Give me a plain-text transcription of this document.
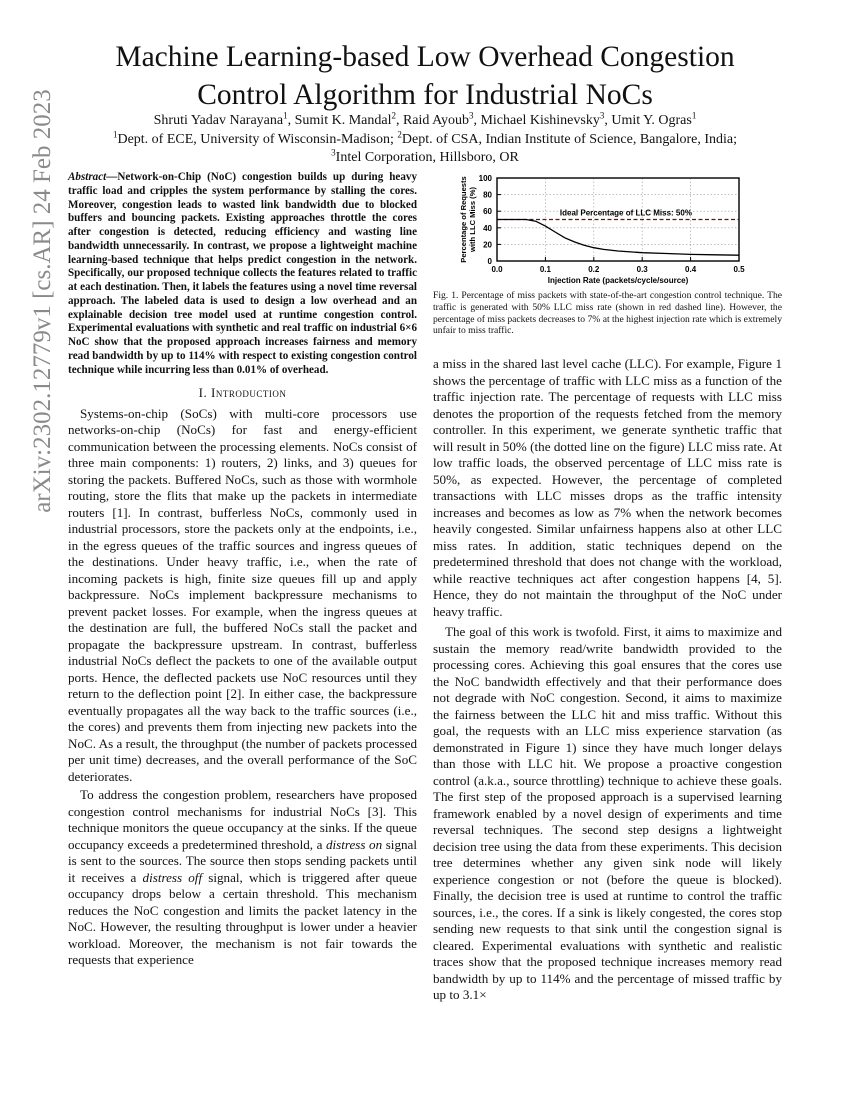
arXiv:2302.12779v1 [cs.AR] 24 Feb 2023
Machine Learning-based Low Overhead Congestion
Control Algorithm for Industrial NoCs
Shruti Yadav Narayana$^1$, Sumit K. Mandal$^2$, Raid Ayoub$^3$, Michael Kishinevsky$^3$, Umit Y. Ogras$^1$
$^1$Dept. of ECE, University of Wisconsin-Madison; $^2$Dept. of CSA, Indian Institute of Science, Bangalore, India;
$^3$Intel Corporation, Hillsboro, OR
Abstract—Network-on-Chip (NoC) congestion builds up during heavy traffic load and cripples the system performance by stalling the cores. Moreover, congestion leads to wasted link bandwidth due to blocked buffers and bouncing packets. Existing approaches throttle the cores after congestion is detected, reducing efficiency and wasting line bandwidth unnecessarily. In contrast, we propose a lightweight machine learning-based technique that helps predict congestion in the network. Specifically, our proposed technique collects the features related to traffic at each destination. Then, it labels the features using a novel time reversal approach. The labeled data is used to design a low overhead and an explainable decision tree model used at runtime congestion control. Experimental evaluations with synthetic and real traffic on industrial 6×6 NoC show that the proposed approach increases fairness and memory read bandwidth by up to 114% with respect to existing congestion control technique while incurring less than 0.01% of overhead.
I. Introduction

Systems-on-chip (SoCs) with multi-core processors use networks-on-chip (NoCs) for fast and energy-efficient communication between the processing elements. NoCs consist of three main components: 1) routers, 2) links, and 3) queues for storing the packets. Buffered NoCs, such as those with wormhole routing, store the flits that make up the packets in intermediate routers [1]. In contrast, bufferless NoCs, commonly used in industrial processors, store the packets only at the endpoints, i.e., in the egress queues of the traffic sources and ingress queues of the destinations. Under heavy traffic, i.e., when the rate of incoming packets is high, finite size queues fill up and apply backpressure. NoCs implement backpressure mechanisms to prevent packet losses. For example, when the ingress queues at the destination are full, the buffered NoCs stall the packet and propagate the backpressure upstream. In contrast, bufferless industrial NoCs deflect the packets to one of the available output ports. Hence, the deflected packets use NoC resources until they return to the deflection point [2]. In either case, the backpressure eventually propagates all the way back to the traffic sources (i.e., the cores) and prevents them from injecting new packets into the NoC. As a result, the throughput (the number of packets processed per unit time) decreases, and the overall performance of the SoC deteriorates.

To address the congestion problem, researchers have proposed congestion control mechanisms for industrial NoCs [3]. This technique monitors the queue occupancy at the sinks. If the queue occupancy exceeds a predetermined threshold, a distress on signal is sent to the sources. The source then stops sending packets until it receives a distress off signal, which is triggered after queue occupancy drops below a certain threshold. This mechanism reduces the NoC congestion and limits the packet latency in the NoC. However, the resulting throughput is lower under a heavier workload. Moreover, the mechanism is not fair towards the requests that experience

0
20
40
60
80
100
0.0	0.1	0.2	0.3	0.4	0.5
Injection Rate (packets/cycle/source)
Percentage of Requests with LLC Miss (%)	Ideal Percentage of LLC Miss: 50%
Fig. 1. Percentage of miss packets with state-of-the-art congestion control technique. The traffic is generated with 50% LLC miss rate (shown in red dashed line). However, the percentage of miss packets decreases to 7% at the highest injection rate which is extremely unfair to miss traffic.

a miss in the shared last level cache (LLC). For example, Figure 1 shows the percentage of traffic with LLC miss as a function of the traffic injection rate. The percentage of requests with LLC miss denotes the proportion of the requests fetched from the memory controller. In this experiment, we generate synthetic traffic that will result in 50% (the dotted line on the figure) LLC miss rate. At low traffic loads, the observed percentage of LLC miss rate is 50%, as expected. However, the percentage of completed transactions with LLC misses drops as the traffic intensity increases and becomes as low as 7% when the network becomes heavily congested. Similar unfairness happens also at other LLC miss rates. In addition, static techniques depend on the predetermined threshold that does not change with the workload, while reactive techniques act after congestion happens [4, 5]. Hence, they do not maintain the throughput of the NoC under heavy traffic.

The goal of this work is twofold. First, it aims to maximize and sustain the memory read/write bandwidth provided to the processing cores. Achieving this goal ensures that the cores use the NoC bandwidth effectively and that their performance does not degrade with NoC congestion. Second, it aims to maximize the fairness between the LLC hit and miss traffic. Without this goal, the requests with an LLC miss experience starvation (as demonstrated in Figure 1) since they have much longer delays than those with LLC hit. We propose a proactive congestion control (a.k.a., source throttling) technique to achieve these goals. The first step of the proposed approach is a supervised learning framework enabled by a novel design of experiments and time reversal techniques. The second step designs a lightweight decision tree using the data from these experiments. This decision tree determines whether any given sink node will likely experience congestion or not (before the queue is blocked). Finally, the decision tree is used at runtime to control the traffic sources, i.e., the cores. If a sink is likely congested, the cores stop sending new requests to that sink until the congestion signal is cleared. Experimental evaluations with synthetic and realistic traces show that the proposed technique increases memory read bandwidth by up to 114% and the percentage of missed traffic by up to 3.1×
